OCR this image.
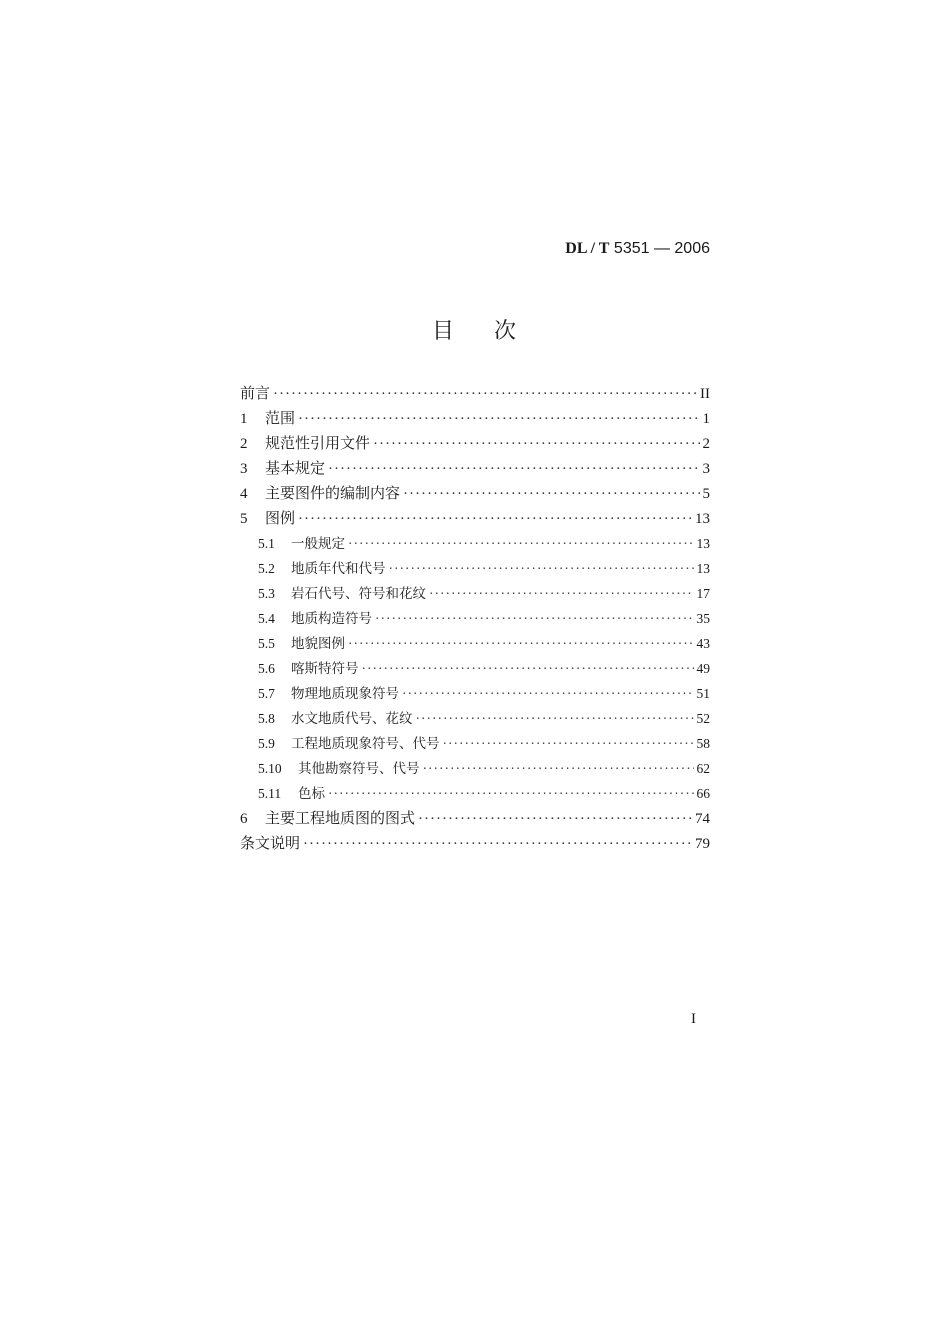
DL / T 5351 — 2006
目 次
前言 ·····	II
1	范围 ·····	1
2	规范性引用文件 ·····	2
3	基本规定 ·····	3
4	主要图件的编制内容 ·····	5
5	图例 ·····	13
5.1	一般规定 ·····	13
5.2	地质年代和代号 ·····	13
5.3	岩石代号、符号和花纹 ·····	17
5.4	地质构造符号 ·····	35
5.5	地貌图例 ·····	43
5.6	喀斯特符号 ·····	49
5.7	物理地质现象符号 ·····	51
5.8	水文地质代号、花纹 ·····	52
5.9	工程地质现象符号、代号 ·····	58
5.10	其他勘察符号、代号 ·····	62
5.11	色标 ·····	66
6	主要工程地质图的图式 ·····	74
条文说明 ·····	79
I
